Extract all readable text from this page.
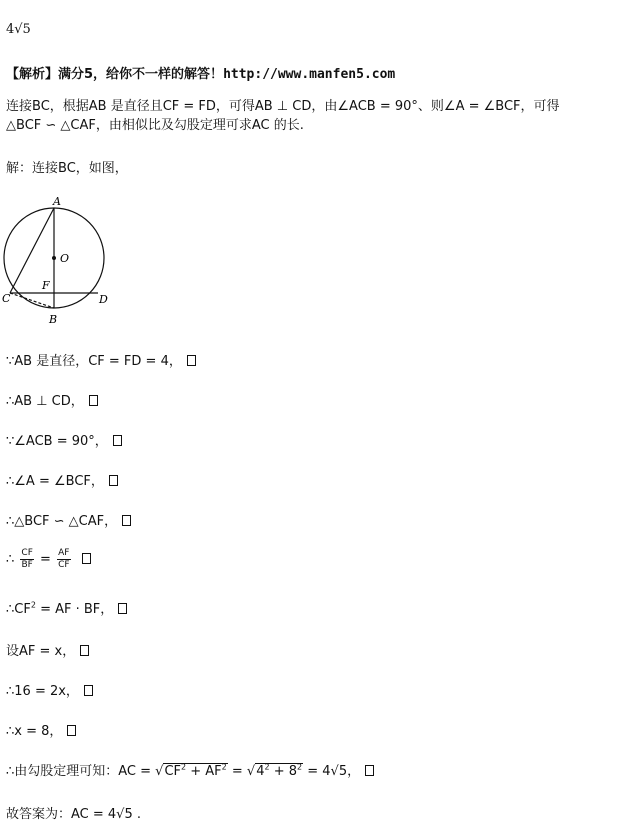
4√5
【解析】满分5，给你不一样的解答！http://www.manfen5.com
连接BC，根据AB 是直径且CF = FD，可得AB ⊥ CD，由∠ACB = 90°、则∠A = ∠BCF，可得
△BCF ∽ △CAF，由相似比及勾股定理可求AC 的长.
解：连接BC，如图，
A
O
F
C	D
B
∵AB 是直径，CF = FD = 4，
∴AB ⊥ CD，
∵∠ACB = 90°，
∴∠A = ∠BCF，
∴△BCF ∽ △CAF，
∴ $\frac{CF}{BF} = \frac{AF}{CF}$

$\therefore CF^2$ = AF · BF，
设AF = x，
∴16 = 2x，
∴x = 8，
∴由勾股定理可知：AC = $√CF^2 + AF^2 = √4^2 + 8^2 = 4√5$，
故答案为：AC = 4√5 .
